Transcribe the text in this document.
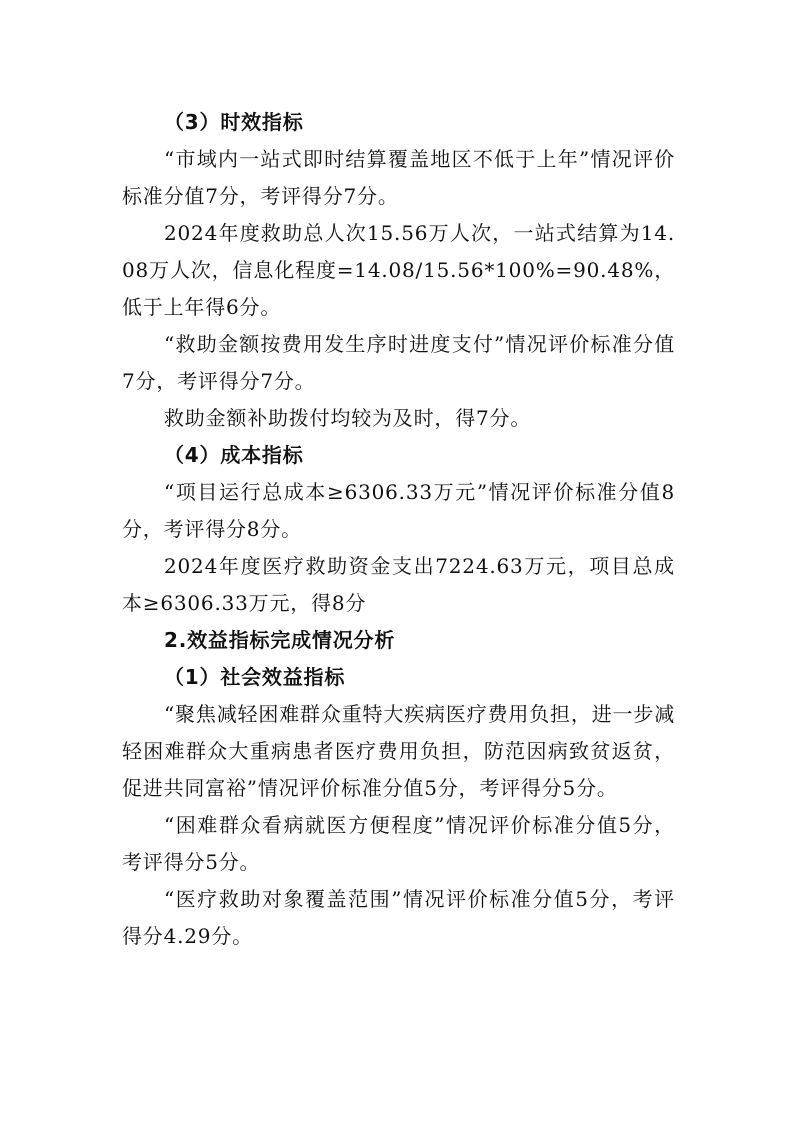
（3）时效指标
“市域内一站式即时结算覆盖地区不低于上年”情况评价标准分值7分，考评得分7分。
2024年度救助总人次15.56万人次，一站式结算为14.08万人次，信息化程度=14.08/15.56*100%=90.48%，低于上年得6分。
“救助金额按费用发生序时进度支付”情况评价标准分值7分，考评得分7分。
救助金额补助拨付均较为及时，得7分。
（4）成本指标
“项目运行总成本≥6306.33万元”情况评价标准分值8分，考评得分8分。
2024年度医疗救助资金支出7224.63万元，项目总成本≥6306.33万元，得8分
2.效益指标完成情况分析
（1）社会效益指标
“聚焦减轻困难群众重特大疾病医疗费用负担，进一步减轻困难群众大重病患者医疗费用负担，防范因病致贫返贫，促进共同富裕”情况评价标准分值5分，考评得分5分。
“困难群众看病就医方便程度”情况评价标准分值5分，考评得分5分。
“医疗救助对象覆盖范围”情况评价标准分值5分，考评得分4.29分。
